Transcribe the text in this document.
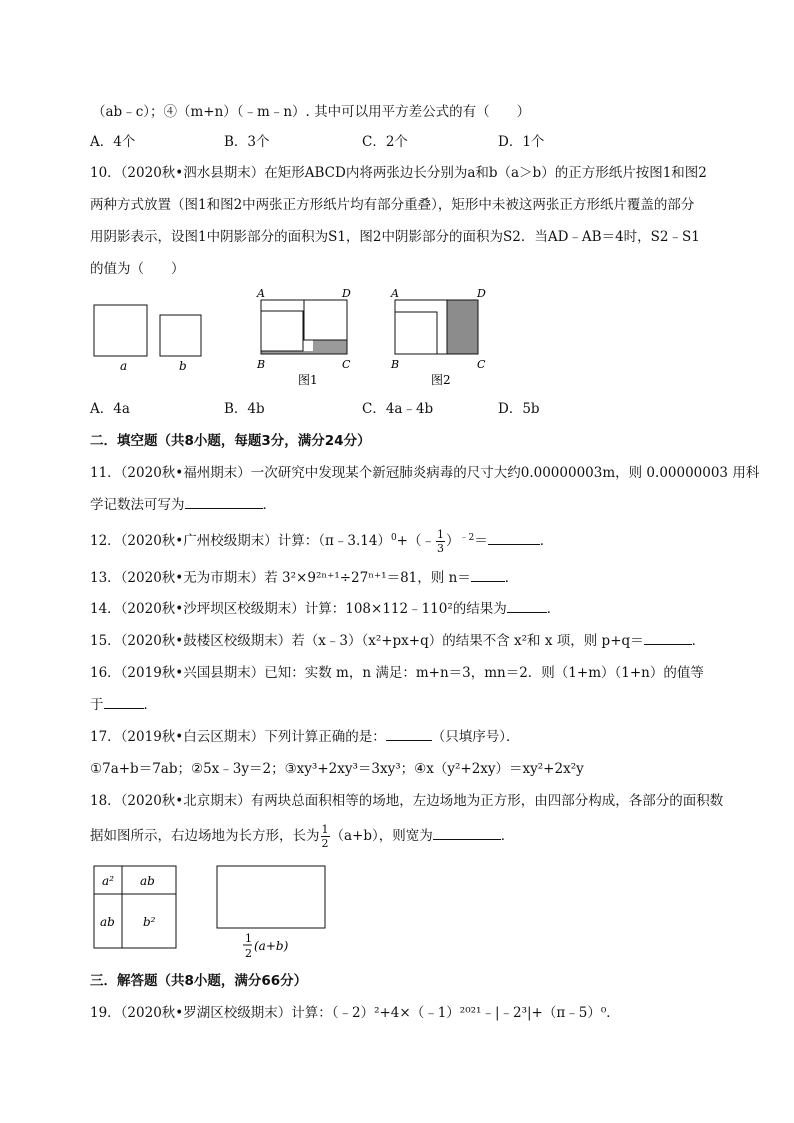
（ab﹣c）；④（m+n）（﹣m﹣n）. 其中可以用平方差公式的有（　　）
A．4个	B．3个	C．2个	D．1个
10．（2020秋•泗水县期末）在矩形ABCD内将两张边长分别为a和b（a＞b）的正方形纸片按图1和图2
两种方式放置（图1和图2中两张正方形纸片均有部分重叠），矩形中未被这两张正方形纸片覆盖的部分
用阴影表示，设图1中阴影部分的面积为S1，图2中阴影部分的面积为S2．当AD﹣AB＝4时，S2﹣S1
的值为（　　）
a	b
A	D
B	C
图1
A	D
B	C
图2
A．4a	B．4b	C．4a﹣4b	D．5b
二．填空题（共8小题，每题3分，满分24分）
11．（2020秋•福州期末）一次研究中发现某个新冠肺炎病毒的尺寸大约0.00000003m，则 0.00000003 用科
学记数法可写为	．
12．（2020秋•广州校级期末）计算：（π﹣3.14）$^0$+（﹣ $\frac{1}{3} )^{﹣2}=$	．
13．（2020秋•无为市期末）若 3²×9²ⁿ⁺¹÷27ⁿ⁺¹＝81，则 n＝	．
14．（2020秋•沙坪坝区校级期末）计算：108×112﹣110²的结果为	．
15．（2020秋•鼓楼区校级期末）若（x﹣3）（x²+px+q）的结果不含 x²和 x 项，则 p+q＝	．
16．（2019秋•兴国县期末）已知：实数 m，n 满足：m+n＝3，mn＝2．则（1+m）（1+n）的值等
于	．
17．（2019秋•白云区期末）下列计算正确的是：	（只填序号）．
①7a+b＝7ab；②5x﹣3y＝2；③xy³+2xy³＝3xy³；④x（y²+2xy）＝xy²+2x²y
18．（2020秋•北京期末）有两块总面积相等的场地，左边场地为正方形，由四部分构成，各部分的面积数
据如图所示，右边场地为长方形，长为 $\frac{1}{2} (a+b)$，则宽为	．
a² ab
ab b²
1
2
(a+b)
三．解答题（共8小题，满分66分）
19．（2020秋•罗湖区校级期末）计算：（﹣2）²+4×（﹣1）²⁰²¹﹣|﹣2³|+（π﹣5）⁰．
